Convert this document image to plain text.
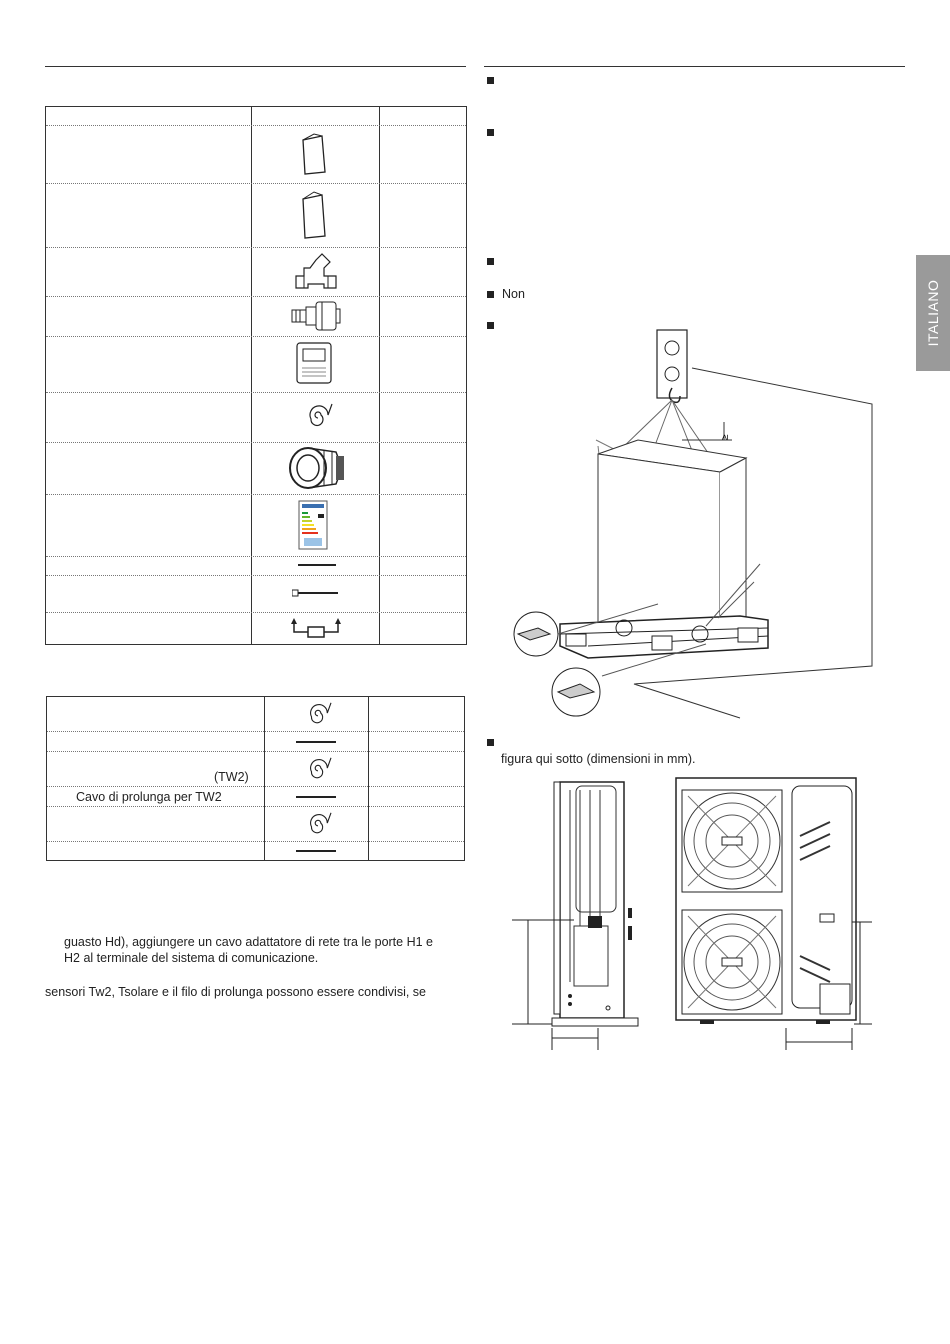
(TW2)
Cavo di prolunga per TW2
guasto Hd), aggiungere un cavo adattatore di rete tra le porte H1 e
H2 al terminale del sistema di comunicazione.
sensori Tw2, Tsolare e il filo di prolunga possono essere condivisi, se
Non
≥
figura qui sotto (dimensioni in mm).
ITALIANO
